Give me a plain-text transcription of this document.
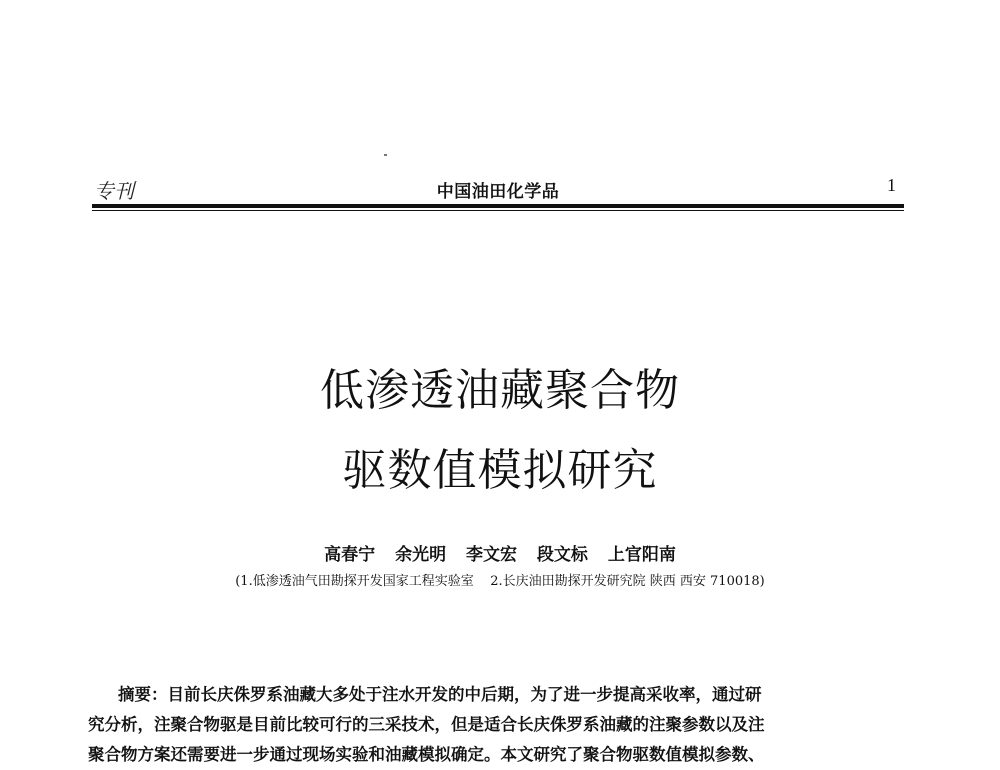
专刊	中国油田化学品	1
低渗透油藏聚合物
驱数值模拟研究
高春宁 余光明 李文宏 段文标 上官阳南
(1.低渗透油气田勘探开发国家工程实验室    2.长庆油田勘探开发研究院 陕西 西安 710018)
摘要：目前长庆侏罗系油藏大多处于注水开发的中后期，为了进一步提高采收率，通过研
究分析，注聚合物驱是目前比较可行的三采技术，但是适合长庆侏罗系油藏的注聚参数以及注
聚合物方案还需要进一步通过现场实验和油藏模拟确定。本文研究了聚合物驱数值模拟参数、
